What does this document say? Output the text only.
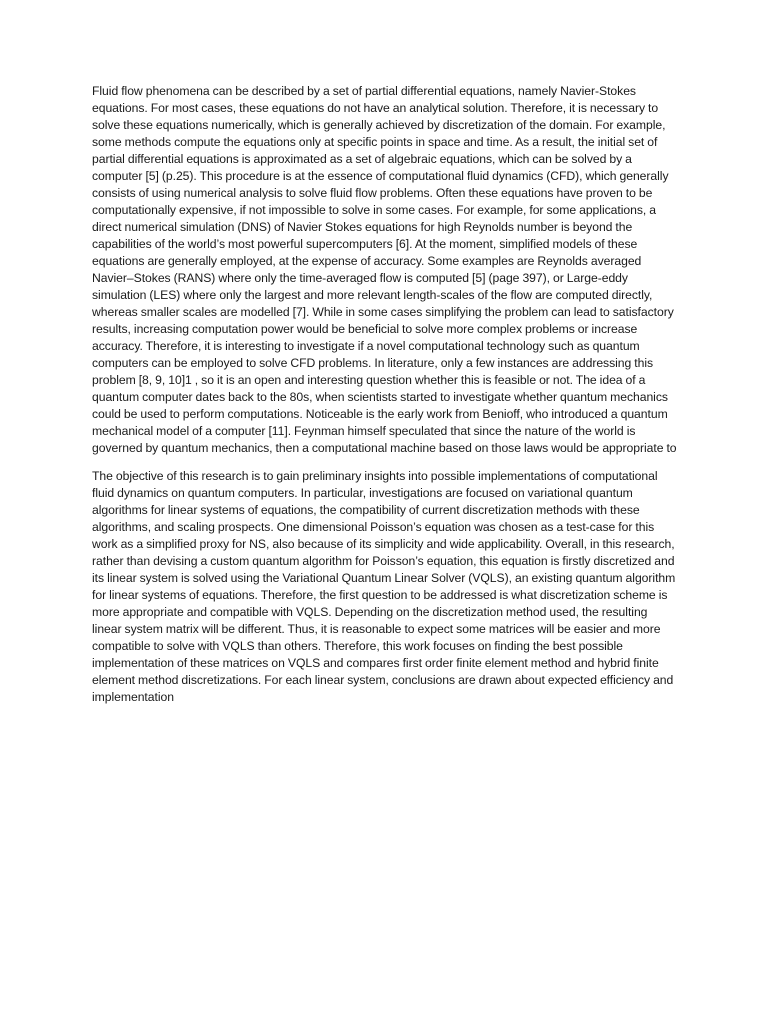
Fluid flow phenomena can be described by a set of partial differential equations, namely Navier-Stokes equations. For most cases, these equations do not have an analytical solution. Therefore, it is necessary to solve these equations numerically, which is generally achieved by discretization of the domain. For example, some methods compute the equations only at specific points in space and time. As a result, the initial set of partial differential equations is approximated as a set of algebraic equations, which can be solved by a computer [5] (p.25). This procedure is at the essence of computational fluid dynamics (CFD), which generally consists of using numerical analysis to solve fluid flow problems. Often these equations have proven to be computationally expensive, if not impossible to solve in some cases. For example, for some applications, a direct numerical simulation (DNS) of Navier Stokes equations for high Reynolds number is beyond the capabilities of the world’s most powerful supercomputers [6]. At the moment, simplified models of these equations are generally employed, at the expense of accuracy. Some examples are Reynolds averaged Navier–Stokes (RANS) where only the time-averaged flow is computed [5] (page 397), or Large-eddy simulation (LES) where only the largest and more relevant length-scales of the flow are computed directly, whereas smaller scales are modelled [7]. While in some cases simplifying the problem can lead to satisfactory results, increasing computation power would be beneficial to solve more complex problems or increase accuracy. Therefore, it is interesting to investigate if a novel computational technology such as quantum computers can be employed to solve CFD problems. In literature, only a few instances are addressing this problem [8, 9, 10]1 , so it is an open and interesting question whether this is feasible or not. The idea of a quantum computer dates back to the 80s, when scientists started to investigate whether quantum mechanics could be used to perform computations. Noticeable is the early work from Benioff, who introduced a quantum mechanical model of a computer [11]. Feynman himself speculated that since the nature of the world is governed by quantum mechanics, then a computational machine based on those laws would be appropriate to

The objective of this research is to gain preliminary insights into possible implementations of computational fluid dynamics on quantum computers. In particular, investigations are focused on variational quantum algorithms for linear systems of equations, the compatibility of current discretization methods with these algorithms, and scaling prospects. One dimensional Poisson’s equation was chosen as a test-case for this work as a simplified proxy for NS, also because of its simplicity and wide applicability. Overall, in this research, rather than devising a custom quantum algorithm for Poisson’s equation, this equation is firstly discretized and its linear system is solved using the Variational Quantum Linear Solver (VQLS), an existing quantum algorithm for linear systems of equations. Therefore, the first question to be addressed is what discretization scheme is more appropriate and compatible with VQLS. Depending on the discretization method used, the resulting linear system matrix will be different. Thus, it is reasonable to expect some matrices will be easier and more compatible to solve with VQLS than others. Therefore, this work focuses on finding the best possible implementation of these matrices on VQLS and compares first order finite element method and hybrid finite element method discretizations. For each linear system, conclusions are drawn about expected efficiency and implementation
